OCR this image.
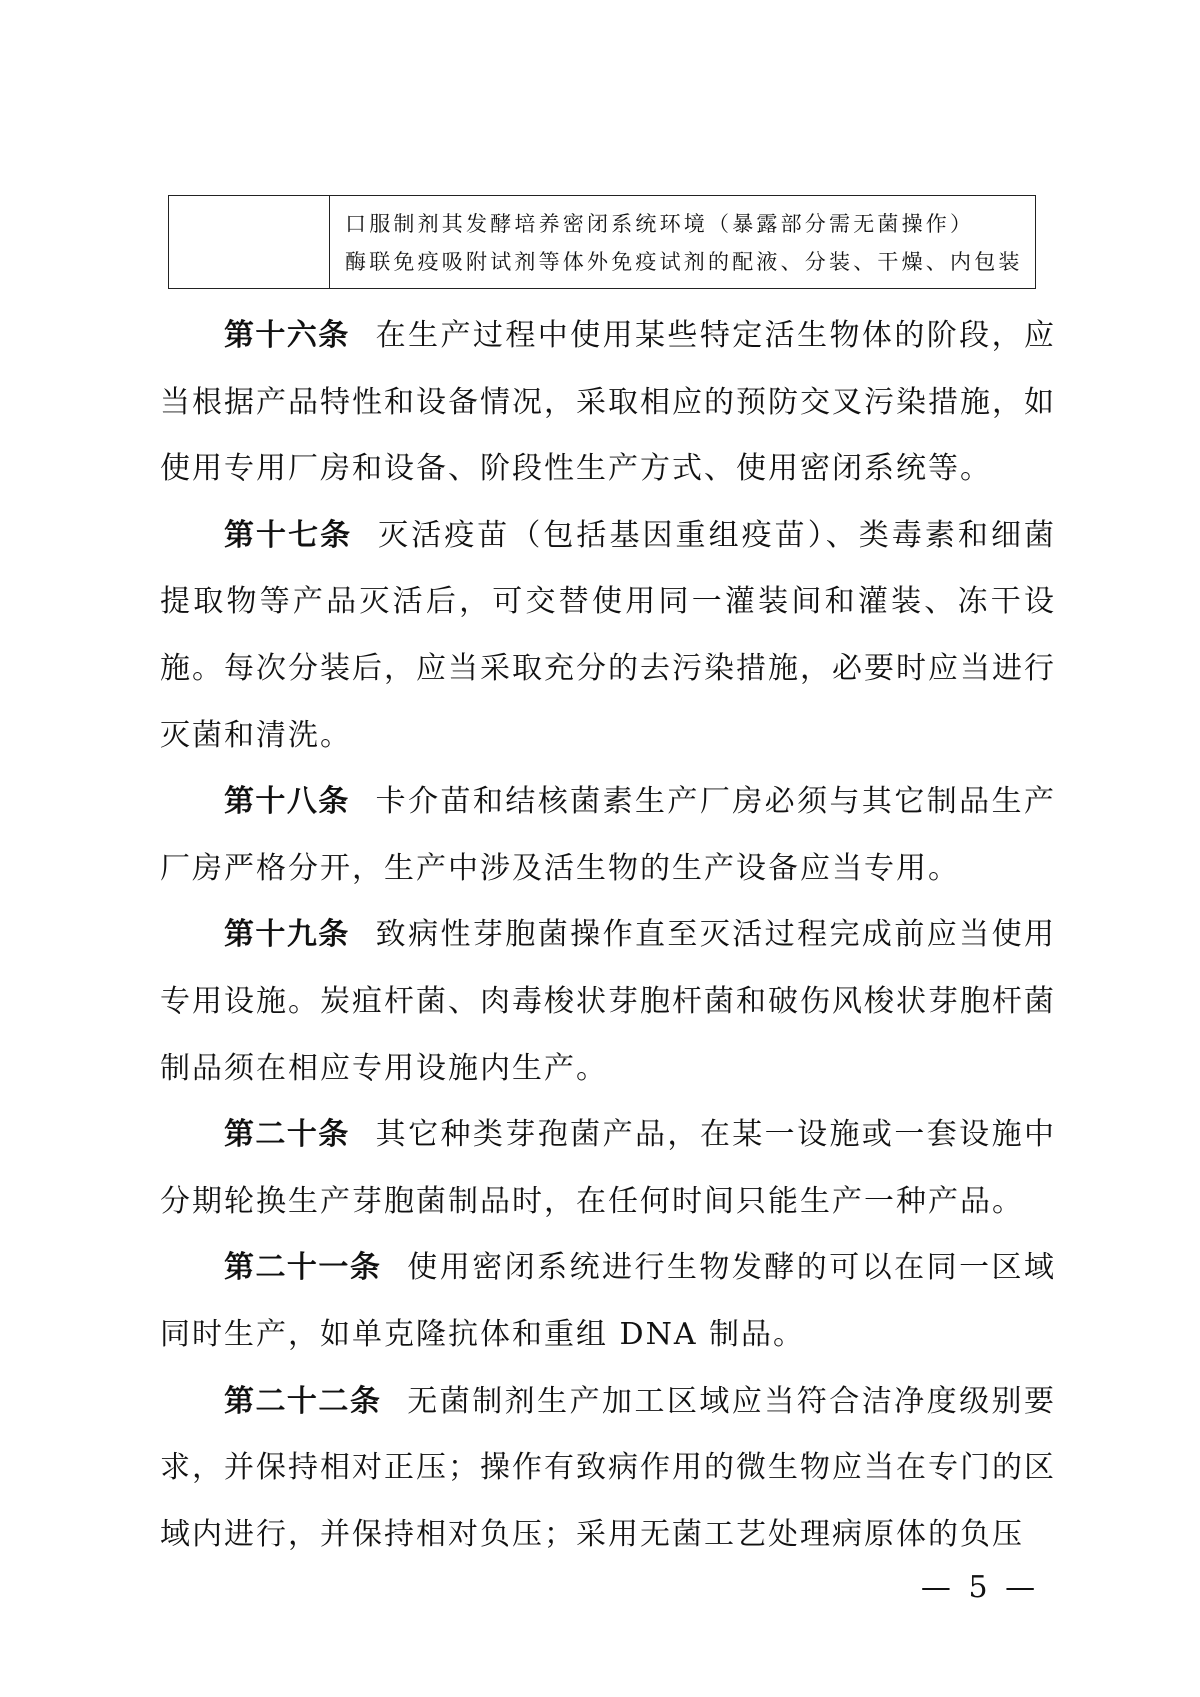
口服制剂其发酵培养密闭系统环境（暴露部分需无菌操作）
酶联免疫吸附试剂等体外免疫试剂的配液、分装、干燥、内包装

第十六条 在生产过程中使用某些特定活生物体的阶段，应当根据产品特性和设备情况，采取相应的预防交叉污染措施，如使用专用厂房和设备、阶段性生产方式、使用密闭系统等。

第十七条 灭活疫苗（包括基因重组疫苗）、类毒素和细菌提取物等产品灭活后，可交替使用同一灌装间和灌装、冻干设施。每次分装后，应当采取充分的去污染措施，必要时应当进行灭菌和清洗。

第十八条 卡介苗和结核菌素生产厂房必须与其它制品生产厂房严格分开，生产中涉及活生物的生产设备应当专用。

第十九条 致病性芽胞菌操作直至灭活过程完成前应当使用专用设施。炭疽杆菌、肉毒梭状芽胞杆菌和破伤风梭状芽胞杆菌制品须在相应专用设施内生产。

第二十条 其它种类芽孢菌产品，在某一设施或一套设施中分期轮换生产芽胞菌制品时，在任何时间只能生产一种产品。

第二十一条 使用密闭系统进行生物发酵的可以在同一区域同时生产，如单克隆抗体和重组 DNA 制品。

第二十二条 无菌制剂生产加工区域应当符合洁净度级别要求，并保持相对正压；操作有致病作用的微生物应当在专门的区域内进行，并保持相对负压；采用无菌工艺处理病原体的负压

— 5 —
